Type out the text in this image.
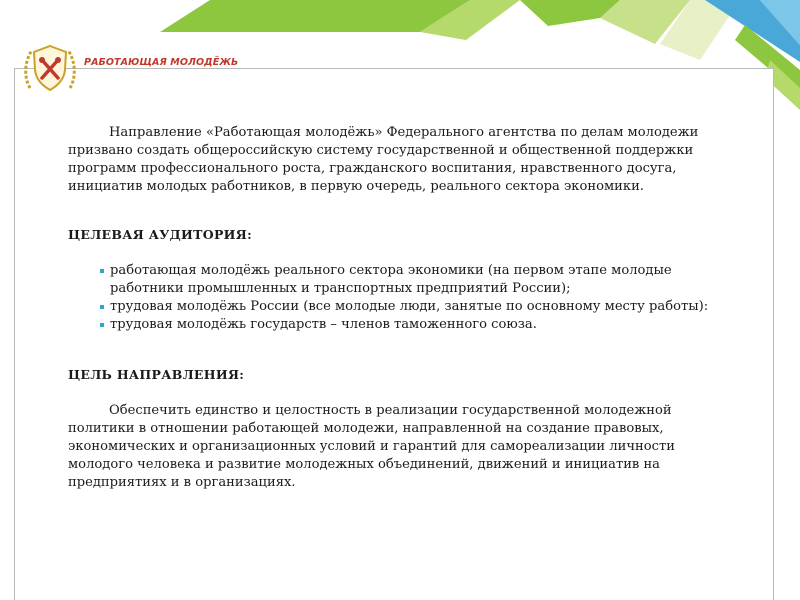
РАБОТАЮЩАЯ МОЛОДЁЖЬ
Направление «Работающая молодёжь» Федерального агентства по делам молодежи
призвано создать общероссийскую систему государственной и общественной поддержки
программ профессионального роста, гражданского воспитания, нравственного досуга,
инициатив молодых работников, в первую очередь, реального сектора экономики.
ЦЕЛЕВАЯ АУДИТОРИЯ:
работающая молодёжь реального сектора экономики (на первом этапе молодые
работники промышленных и транспортных предприятий России);
трудовая молодёжь России (все молодые люди, занятые по основному месту работы):
трудовая молодёжь государств – членов таможенного союза.
ЦЕЛЬ НАПРАВЛЕНИЯ:
Обеспечить единство и целостность в реализации государственной молодежной
политики в отношении работающей молодежи, направленной на создание правовых,
экономических и организационных условий и гарантий для самореализации личности
молодого человека и развитие молодежных объединений, движений и инициатив на
предприятиях и в организациях.
